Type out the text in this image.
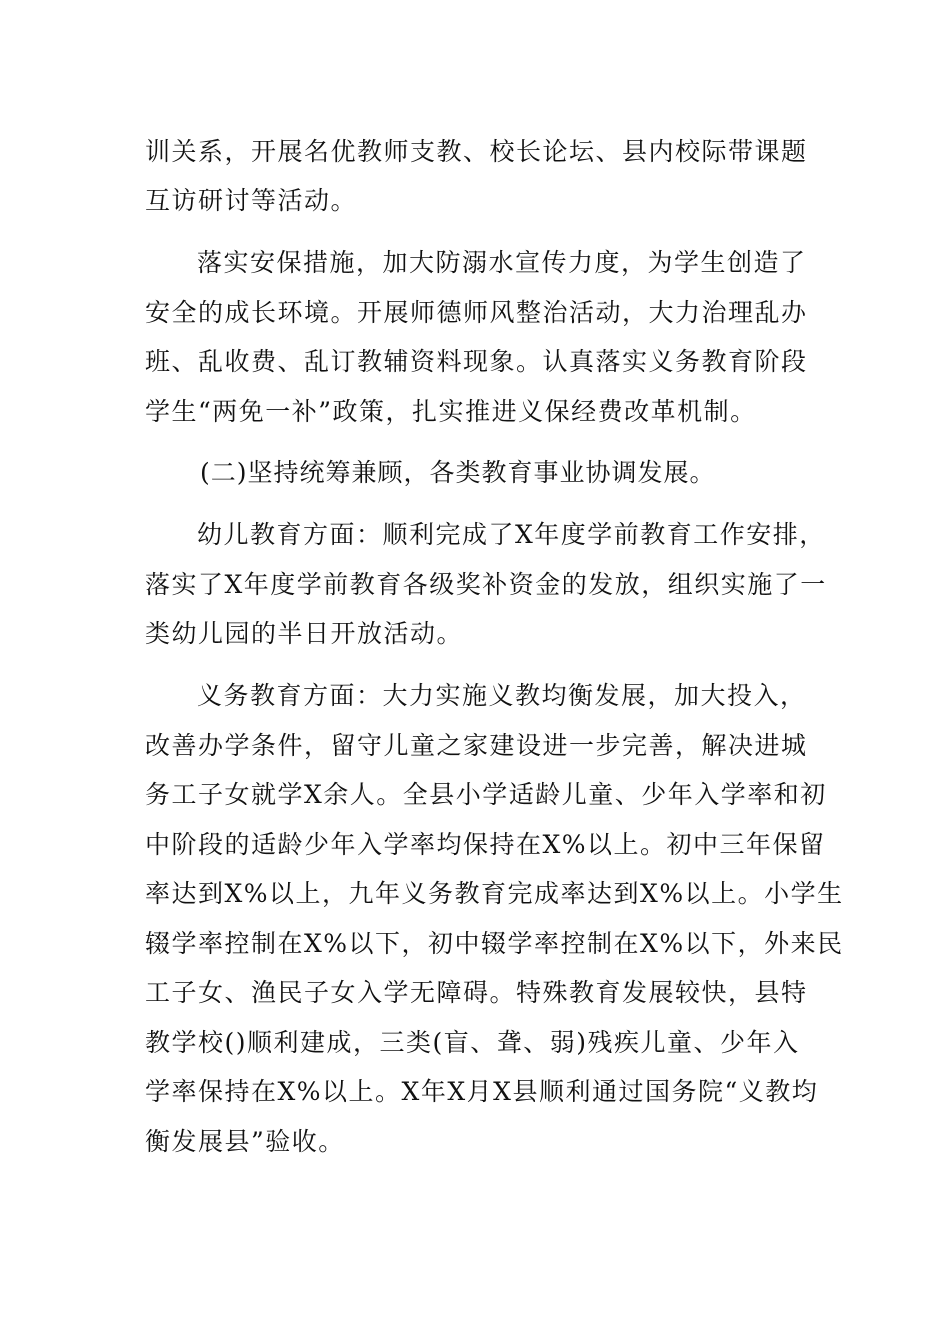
训关系，开展名优教师支教、校长论坛、县内校际带课题

互访研讨等活动。

落实安保措施，加大防溺水宣传力度，为学生创造了

安全的成长环境。开展师德师风整治活动，大力治理乱办

班、乱收费、乱订教辅资料现象。认真落实义务教育阶段

学生“两免一补”政策，扎实推进义保经费改革机制。

(二)坚持统筹兼顾，各类教育事业协调发展。

幼儿教育方面：顺利完成了X年度学前教育工作安排，

落实了X年度学前教育各级奖补资金的发放，组织实施了一

类幼儿园的半日开放活动。

义务教育方面：大力实施义教均衡发展，加大投入，

改善办学条件，留守儿童之家建设进一步完善，解决进城

务工子女就学X余人。全县小学适龄儿童、少年入学率和初

中阶段的适龄少年入学率均保持在X%以上。初中三年保留

率达到X%以上，九年义务教育完成率达到X%以上。小学生

辍学率控制在X%以下，初中辍学率控制在X%以下，外来民

工子女、渔民子女入学无障碍。特殊教育发展较快，县特

教学校()顺利建成，三类(盲、聋、弱)残疾儿童、少年入

学率保持在X%以上。X年X月X县顺利通过国务院“义教均

衡发展县”验收。
